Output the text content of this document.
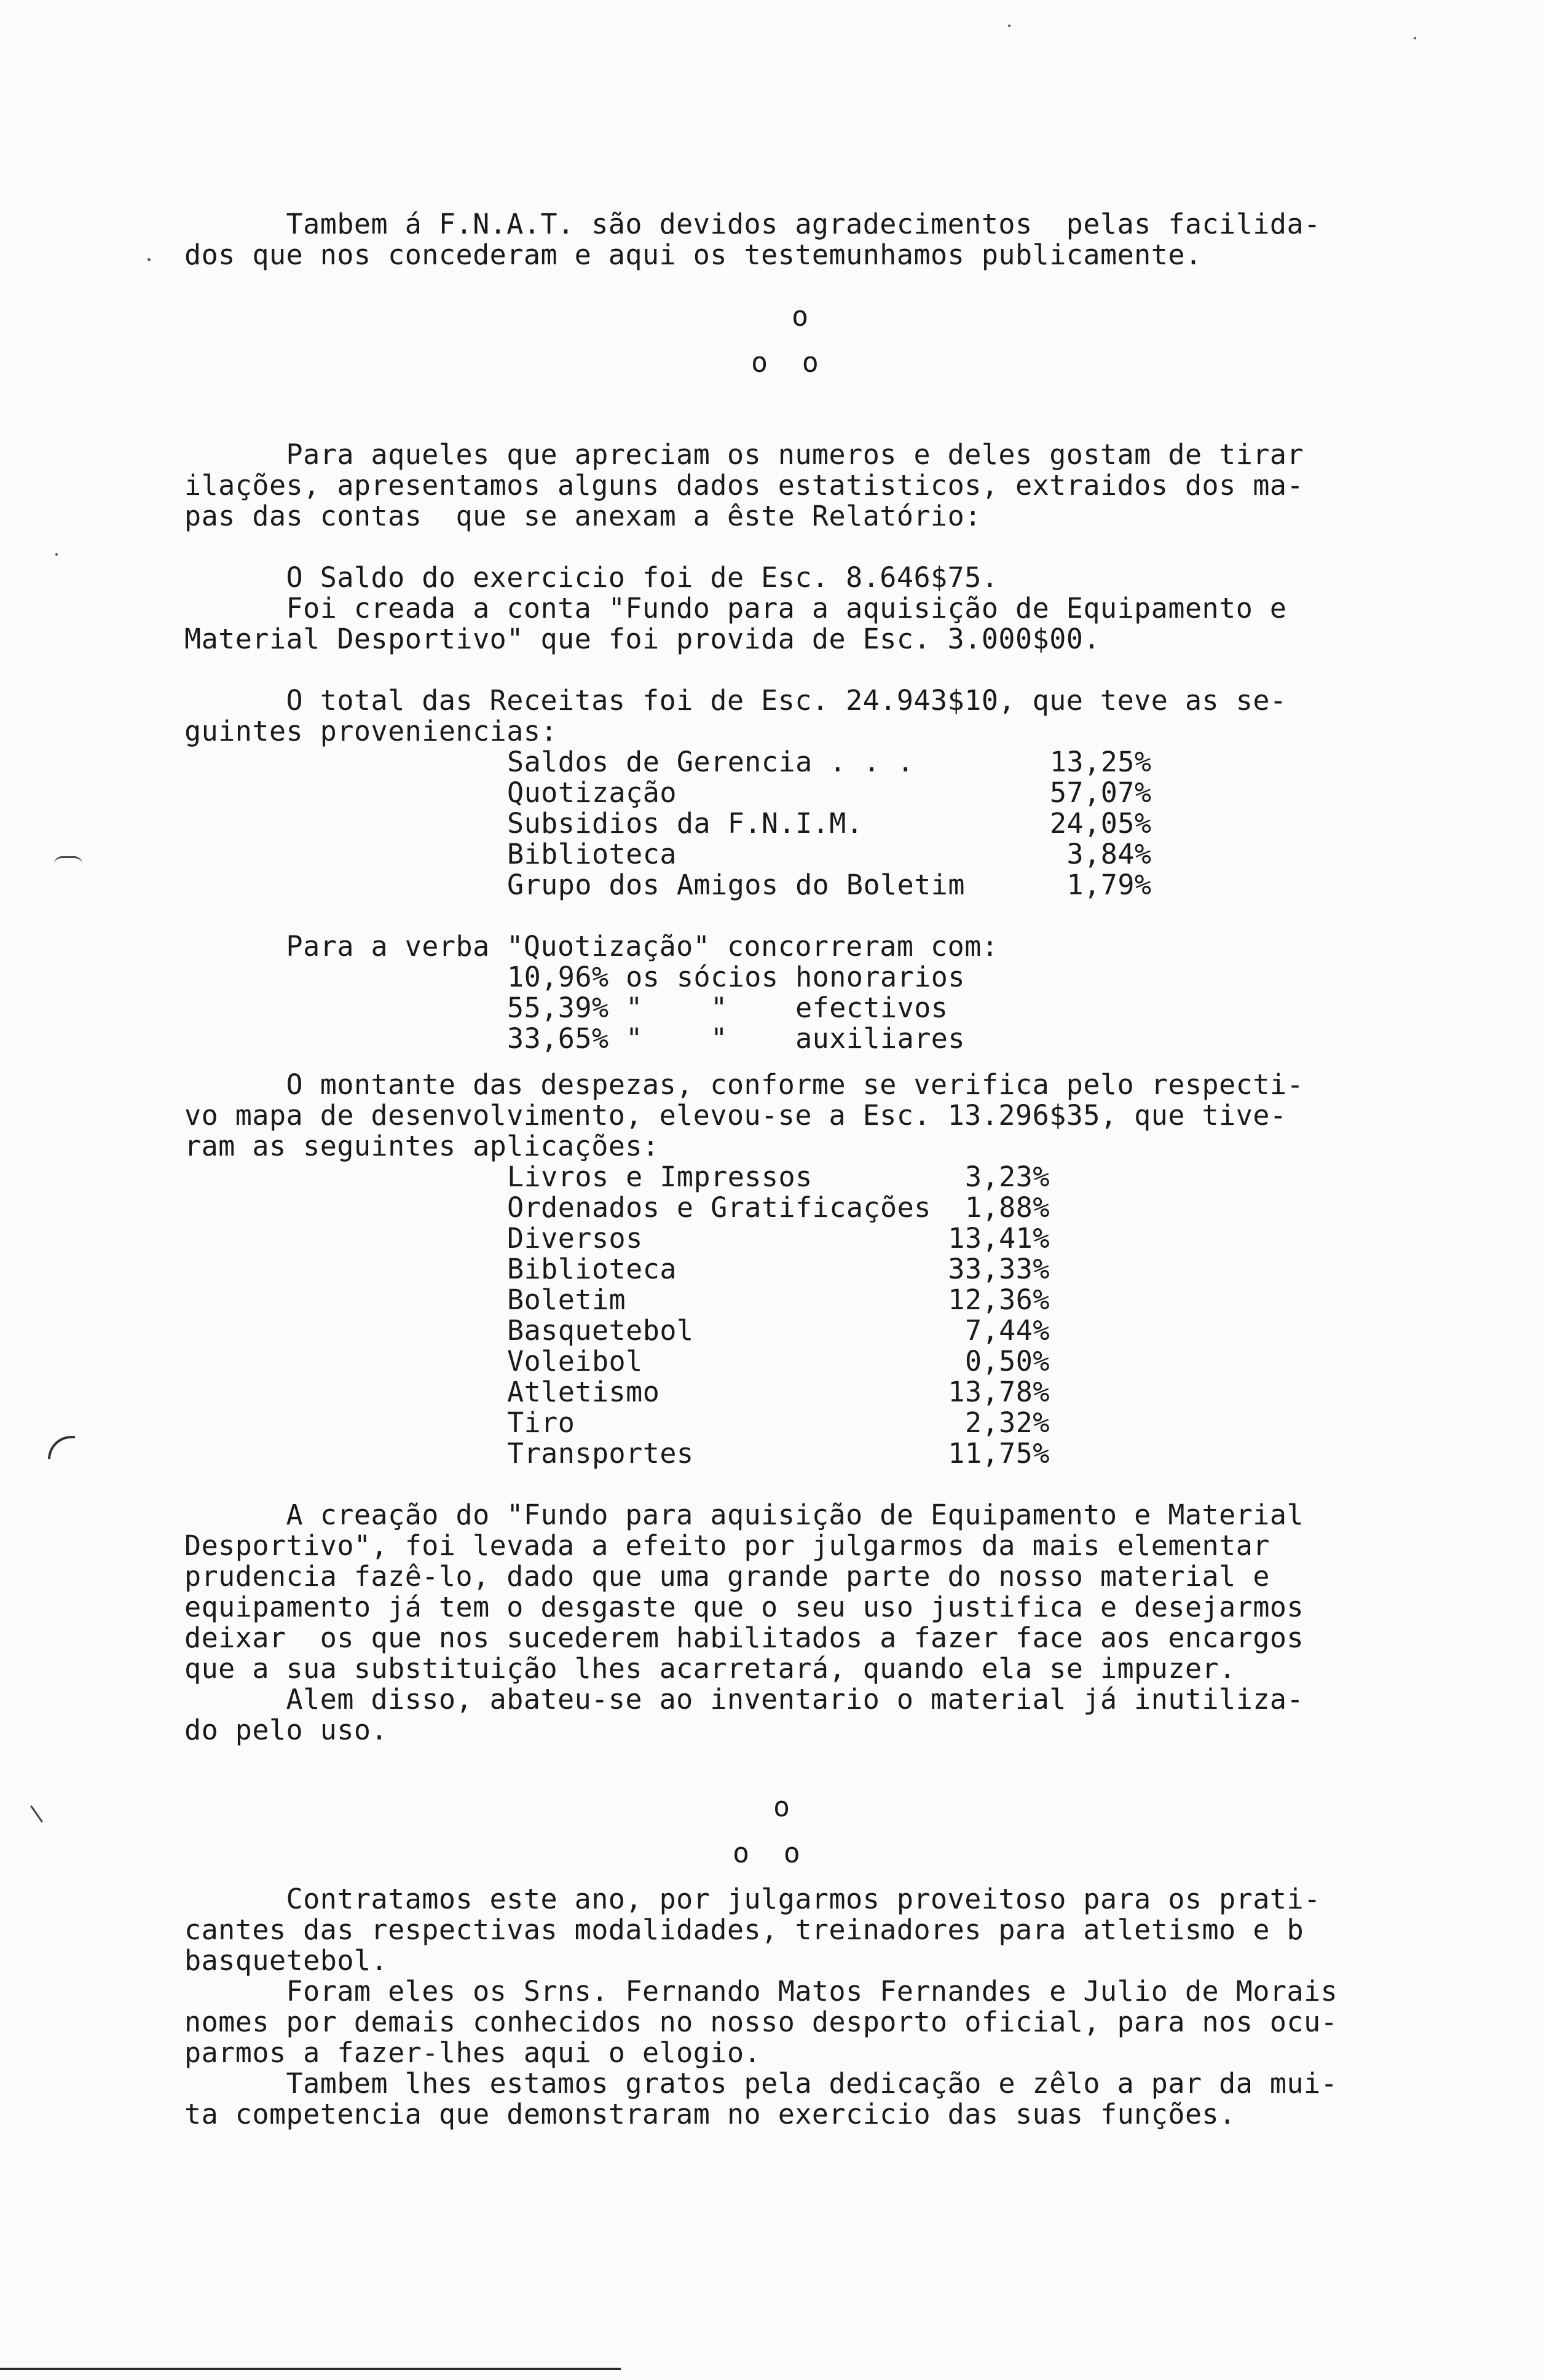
Tambem á F.N.A.T. são devidos agradecimentos  pelas facilida-
dos que nos concederam e aqui os testemunhamos publicamente.
o
o  o
Para aqueles que apreciam os numeros e deles gostam de tirar
ilações, apresentamos alguns dados estatisticos, extraidos dos ma-
pas das contas  que se anexam a êste Relatório:
O Saldo do exercicio foi de Esc. 8.646$75.
Foi creada a conta "Fundo para a aquisição de Equipamento e
Material Desportivo" que foi provida de Esc. 3.000$00.
O total das Receitas foi de Esc. 24.943$10, que teve as se-
guintes proveniencias:
Saldos de Gerencia . . .        13,25%
Quotização                      57,07%
Subsidios da F.N.I.M.           24,05%
Biblioteca                       3,84%
Grupo dos Amigos do Boletim      1,79%
Para a verba "Quotização" concorreram com:
10,96% os sócios honorarios
55,39% "    "    efectivos
33,65% "    "    auxiliares
O montante das despezas, conforme se verifica pelo respecti-
vo mapa de desenvolvimento, elevou-se a Esc. 13.296$35, que tive-
ram as seguintes aplicações:
Livros e Impressos         3,23%
Ordenados e Gratificações  1,88%
Diversos                  13,41%
Biblioteca                33,33%
Boletim                   12,36%
Basquetebol                7,44%
Voleibol                   0,50%
Atletismo                 13,78%
Tiro                       2,32%
Transportes               11,75%
A creação do "Fundo para aquisição de Equipamento e Material
Desportivo", foi levada a efeito por julgarmos da mais elementar
prudencia fazê-lo, dado que uma grande parte do nosso material e
equipamento já tem o desgaste que o seu uso justifica e desejarmos
deixar  os que nos sucederem habilitados a fazer face aos encargos
que a sua substituição lhes acarretará, quando ela se impuzer.
Alem disso, abateu-se ao inventario o material já inutiliza-
do pelo uso.
o
o  o
Contratamos este ano, por julgarmos proveitoso para os prati-
cantes das respectivas modalidades, treinadores para atletismo e b
basquetebol.
Foram eles os Srns. Fernando Matos Fernandes e Julio de Morais
nomes por demais conhecidos no nosso desporto oficial, para nos ocu-
parmos a fazer-lhes aqui o elogio.
Tambem lhes estamos gratos pela dedicação e zêlo a par da mui-
ta competencia que demonstraram no exercicio das suas funções.
